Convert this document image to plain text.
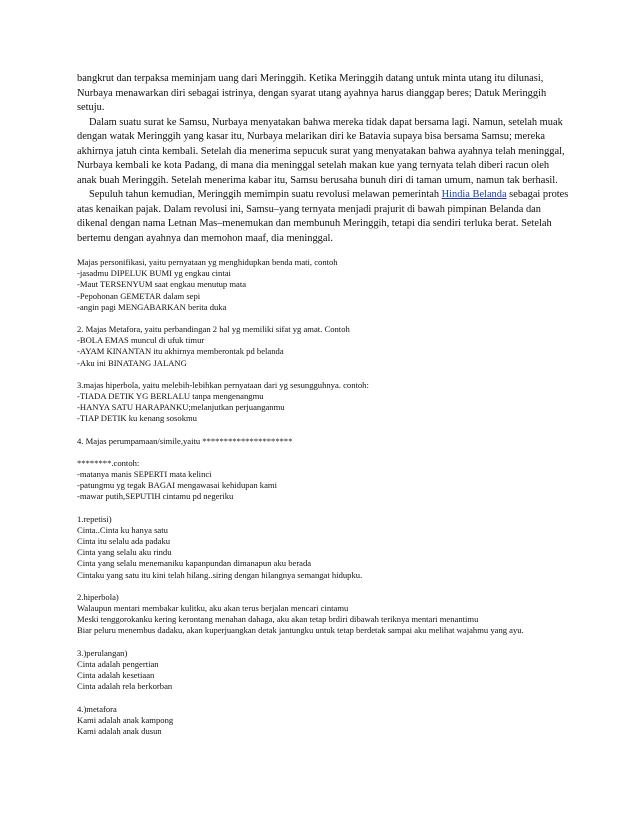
bangkrut dan terpaksa meminjam uang dari Meringgih. Ketika Meringgih datang untuk minta utang itu dilunasi, Nurbaya menawarkan diri sebagai istrinya, dengan syarat utang ayahnya harus dianggap beres; Datuk Meringgih setuju.

Dalam suatu surat ke Samsu, Nurbaya menyatakan bahwa mereka tidak dapat bersama lagi. Namun, setelah muak dengan watak Meringgih yang kasar itu, Nurbaya melarikan diri ke Batavia supaya bisa bersama Samsu; mereka akhirnya jatuh cinta kembali. Setelah dia menerima sepucuk surat yang menyatakan bahwa ayahnya telah meninggal, Nurbaya kembali ke kota Padang, di mana dia meninggal setelah makan kue yang ternyata telah diberi racun oleh anak buah Meringgih. Setelah menerima kabar itu, Samsu berusaha bunuh diri di taman umum, namun tak berhasil.

Sepuluh tahun kemudian, Meringgih memimpin suatu revolusi melawan pemerintah Hindia Belanda sebagai protes atas kenaikan pajak. Dalam revolusi ini, Samsu–yang ternyata menjadi prajurit di bawah pimpinan Belanda dan dikenal dengan nama Letnan Mas–menemukan dan membunuh Meringgih, tetapi dia sendiri terluka berat. Setelah bertemu dengan ayahnya dan memohon maaf, dia meninggal.

Majas personifikasi, yaitu pernyataan yg menghidupkan benda mati, contoh

-jasadmu DIPELUK BUMI yg engkau cintai

-Maut TERSENYUM saat engkau menutup mata

-Pepohonan GEMETAR dalam sepi

-angin pagi MENGABARKAN berita duka

2. Majas Metafora, yaitu perbandingan 2 hal yg memiliki sifat yg amat. Contoh

-BOLA EMAS muncul di ufuk timur

-AYAM KINANTAN itu akhirnya memberontak pd belanda

-Aku ini BINATANG JALANG

3.majas hiperbola, yaitu melebih-lebihkan pernyataan dari yg sesungguhnya. contoh:

-TIADA DETIK YG BERLALU tanpa mengenangmu

-HANYA SATU HARAPANKU;melanjutkan perjuanganmu

-TIAP DETIK ku kenang sosokmu

4. Majas perumpamaan/simile,yaitu *********************

********.contoh:

-matanya manis SEPERTI mata kelinci

-patungmu yg tegak BAGAI mengawasai kehidupan kami

-mawar putih,SEPUTIH cintamu pd negeriku

1.repetisi)

Cinta..Cinta ku hanya satu

Cinta itu selalu ada padaku

Cinta yang selalu aku rindu

Cinta yang selalu menemaniku kapanpundan dimanapun aku berada

Cintaku yang satu itu kini telah hilang..siring dengan hilangnya semangat hidupku.

2.hiperbola)

Walaupun mentari membakar kulitku, aku akan terus berjalan mencari cintamu

Meski tenggorokanku kering kerontang menahan dahaga, aku akan tetap brdiri dibawah teriknya mentari menantimu

Biar peluru menembus dadaku, akan kuperjuangkan detak jantungku untuk tetap berdetak sampai aku melihat wajahmu yang ayu.

3.)perulangan)

Cinta adalah pengertian

Cinta adalah kesetiaan

Cinta adalah rela berkorban

4.)metafora

Kami adalah anak kampong

Kami adalah anak dusun
